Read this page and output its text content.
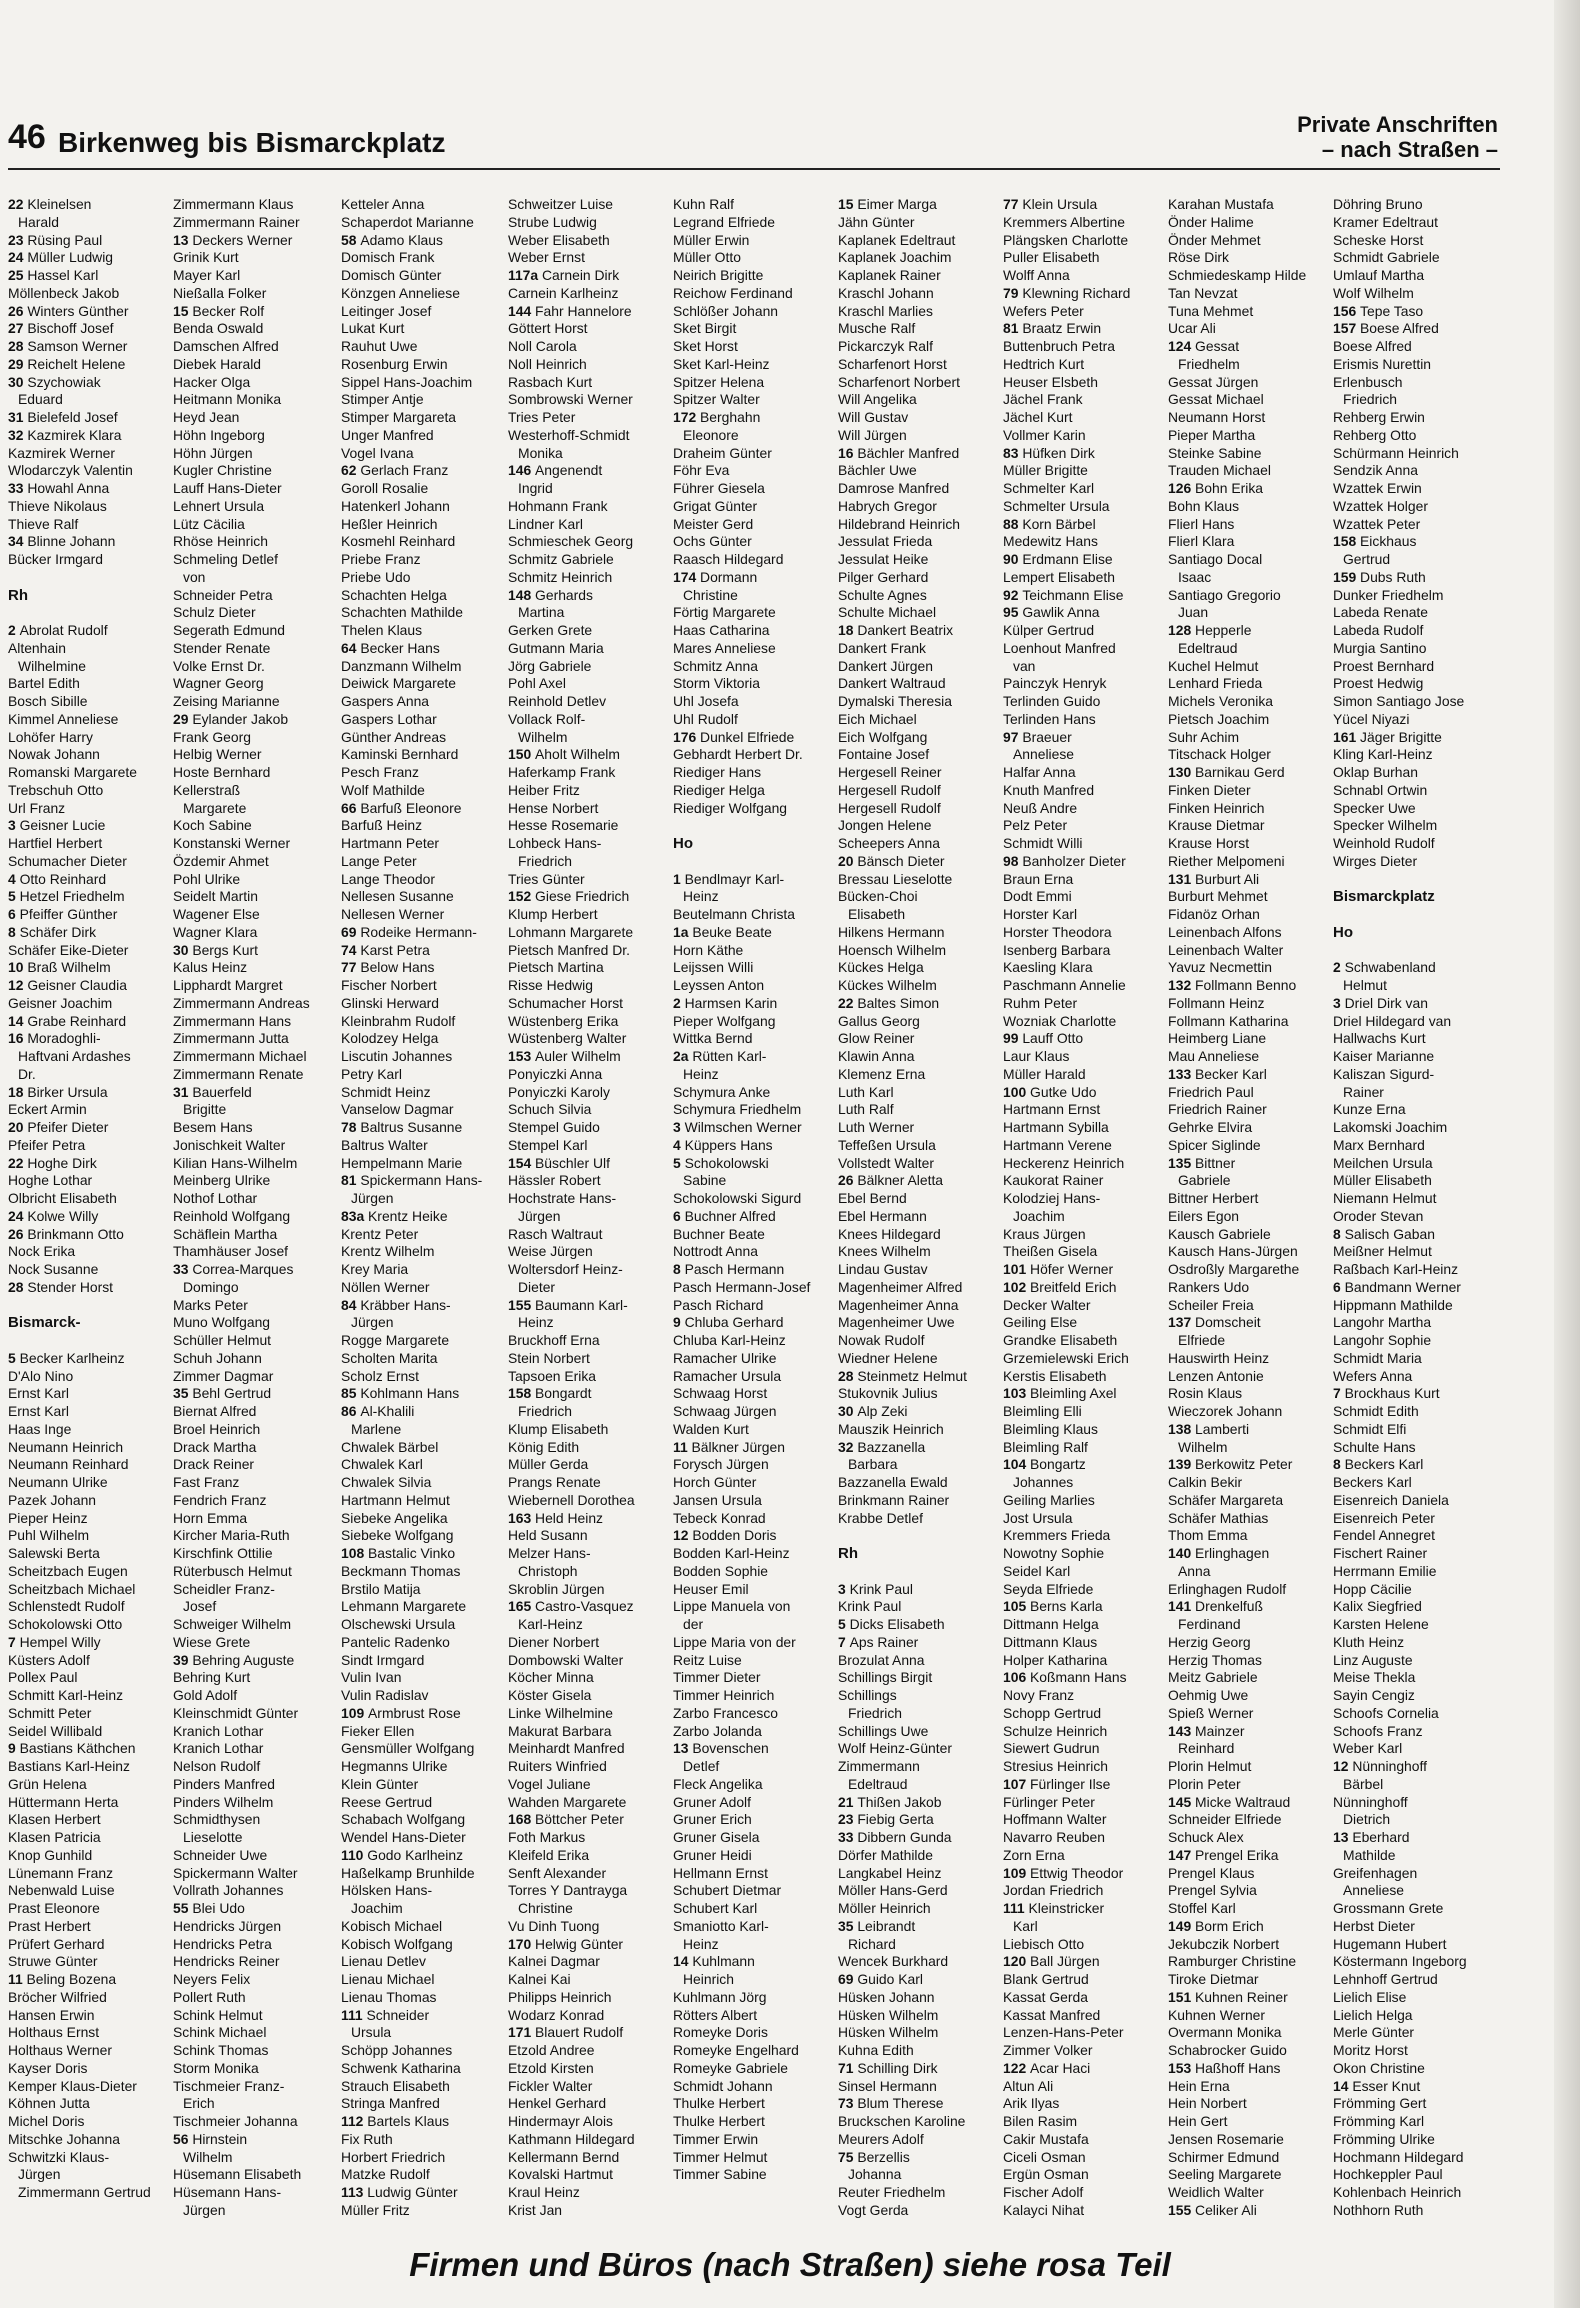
46 Birkenweg bis Bismarckplatz
Private Anschriften
– nach Straßen –
22 Kleinelsen
Harald
23 Rüsing Paul
24 Müller Ludwig
25 Hassel Karl
Möllenbeck Jakob
26 Winters Günther
27 Bischoff Josef
28 Samson Werner
29 Reichelt Helene
30 Szychowiak
Eduard
31 Bielefeld Josef
32 Kazmirek Klara
Kazmirek Werner
Wlodarczyk Valentin
33 Howahl Anna
Thieve Nikolaus
Thieve Ralf
34 Blinne Johann
Bücker Irmgard

Rh

2 Abrolat Rudolf
Altenhain
Wilhelmine
Bartel Edith
Bosch Sibille
Kimmel Anneliese
Lohöfer Harry
Nowak Johann
Romanski Margarete
Trebschuh Otto
Url Franz
3 Geisner Lucie
Hartfiel Herbert
Schumacher Dieter
4 Otto Reinhard
5 Hetzel Friedhelm
6 Pfeiffer Günther
8 Schäfer Dirk
Schäfer Eike-Dieter
10 Braß Wilhelm
12 Geisner Claudia
Geisner Joachim
14 Grabe Reinhard
16 Moradoghli-
Haftvani Ardashes
Dr.
18 Birker Ursula
Eckert Armin
20 Pfeifer Dieter
Pfeifer Petra
22 Hoghe Dirk
Hoghe Lothar
Olbricht Elisabeth
24 Kolwe Willy
26 Brinkmann Otto
Nock Erika
Nock Susanne
28 Stender Horst

Bismarck-

5 Becker Karlheinz
D'Alo Nino
Ernst Karl
Ernst Karl
Haas Inge
Neumann Heinrich
Neumann Reinhard
Neumann Ulrike
Pazek Johann
Pieper Heinz
Puhl Wilhelm
Salewski Berta
Scheitzbach Eugen
Scheitzbach Michael
Schlenstedt Rudolf
Schokolowski Otto
7 Hempel Willy
Küsters Adolf
Pollex Paul
Schmitt Karl-Heinz
Schmitt Peter
Seidel Willibald
9 Bastians Käthchen
Bastians Karl-Heinz
Grün Helena
Hüttermann Herta
Klasen Herbert
Klasen Patricia
Knop Gunhild
Lünemann Franz
Nebenwald Luise
Prast Eleonore
Prast Herbert
Prüfert Gerhard
Struwe Günter
11 Beling Bozena
Bröcher Wilfried
Hansen Erwin
Holthaus Ernst
Holthaus Werner
Kayser Doris
Kemper Klaus-Dieter
Köhnen Jutta
Michel Doris
Mitschke Johanna
Schwitzki Klaus-
Jürgen
Zimmermann Gertrud
Zimmermann Klaus
Zimmermann Rainer
13 Deckers Werner
Grinik Kurt
Mayer Karl
Nießalla Folker
15 Becker Rolf
Benda Oswald
Damschen Alfred
Diebek Harald
Hacker Olga
Heitmann Monika
Heyd Jean
Höhn Ingeborg
Höhn Jürgen
Kugler Christine
Lauff Hans-Dieter
Lehnert Ursula
Lütz Cäcilia
Rhöse Heinrich
Schmeling Detlef
von
Schneider Petra
Schulz Dieter
Segerath Edmund
Stender Renate
Volke Ernst Dr.
Wagner Georg
Zeising Marianne
29 Eylander Jakob
Frank Georg
Helbig Werner
Hoste Bernhard
Kellerstraß
Margarete
Koch Sabine
Konstanski Werner
Özdemir Ahmet
Pohl Ulrike
Seidelt Martin
Wagener Else
Wagner Klara
30 Bergs Kurt
Kalus Heinz
Lipphardt Margret
Zimmermann Andreas
Zimmermann Hans
Zimmermann Jutta
Zimmermann Michael
Zimmermann Renate
31 Bauerfeld
Brigitte
Besem Hans
Jonischkeit Walter
Kilian Hans-Wilhelm
Meinberg Ulrike
Nothof Lothar
Reinhold Wolfgang
Schäflein Martha
Thamhäuser Josef
33 Correa-Marques
Domingo
Marks Peter
Muno Wolfgang
Schüller Helmut
Schuh Johann
Zimmer Dagmar
35 Behl Gertrud
Biernat Alfred
Broel Heinrich
Drack Martha
Drack Reiner
Fast Franz
Fendrich Franz
Horn Emma
Kircher Maria-Ruth
Kirschfink Ottilie
Rüterbusch Helmut
Scheidler Franz-
Josef
Schweiger Wilhelm
Wiese Grete
39 Behring Auguste
Behring Kurt
Gold Adolf
Kleinschmidt Günter
Kranich Lothar
Kranich Lothar
Nelson Rudolf
Pinders Manfred
Pinders Wilhelm
Schmidthysen
Lieselotte
Schneider Uwe
Spickermann Walter
Vollrath Johannes
55 Blei Udo
Hendricks Jürgen
Hendricks Petra
Hendricks Reiner
Neyers Felix
Pollert Ruth
Schink Helmut
Schink Michael
Schink Thomas
Storm Monika
Tischmeier Franz-
Erich
Tischmeier Johanna
56 Hirnstein
Wilhelm
Hüsemann Elisabeth
Hüsemann Hans-
Jürgen
Ketteler Anna
Schaperdot Marianne
58 Adamo Klaus
Domisch Frank
Domisch Günter
Könzgen Anneliese
Leitinger Josef
Lukat Kurt
Rauhut Uwe
Rosenburg Erwin
Sippel Hans-Joachim
Stimper Antje
Stimper Margareta
Unger Manfred
Vogel Ivana
62 Gerlach Franz
Goroll Rosalie
Hatenkerl Johann
Heßler Heinrich
Kosmehl Reinhard
Priebe Franz
Priebe Udo
Schachten Helga
Schachten Mathilde
Thelen Klaus
64 Becker Hans
Danzmann Wilhelm
Deiwick Margarete
Gaspers Anna
Gaspers Lothar
Günther Andreas
Kaminski Bernhard
Pesch Franz
Wolf Mathilde
66 Barfuß Eleonore
Barfuß Heinz
Hartmann Peter
Lange Peter
Lange Theodor
Nellesen Susanne
Nellesen Werner
69 Rodeike Hermann-
74 Karst Petra
77 Below Hans
Fischer Norbert
Glinski Herward
Kleinbrahm Rudolf
Kolodzey Helga
Liscutin Johannes
Petry Karl
Schmidt Heinz
Vanselow Dagmar
78 Baltrus Susanne
Baltrus Walter
Hempelmann Marie
81 Spickermann Hans-
Jürgen
83a Krentz Heike
Krentz Peter
Krentz Wilhelm
Krey Maria
Nöllen Werner
84 Kräbber Hans-
Jürgen
Rogge Margarete
Scholten Marita
Scholz Ernst
85 Kohlmann Hans
86 Al-Khalili
Marlene
Chwalek Bärbel
Chwalek Karl
Chwalek Silvia
Hartmann Helmut
Siebeke Angelika
Siebeke Wolfgang
108 Bastalic Vinko
Beckmann Thomas
Brstilo Matija
Lehmann Margarete
Olschewski Ursula
Pantelic Radenko
Sindt Irmgard
Vulin Ivan
Vulin Radislav
109 Armbrust Rose
Fieker Ellen
Gensmüller Wolfgang
Hegmanns Ulrike
Klein Günter
Reese Gertrud
Schabach Wolfgang
Wendel Hans-Dieter
110 Godo Karlheinz
Haßelkamp Brunhilde
Hölsken Hans-
Joachim
Kobisch Michael
Kobisch Wolfgang
Lienau Detlev
Lienau Michael
Lienau Thomas
111 Schneider
Ursula
Schöpp Johannes
Schwenk Katharina
Strauch Elisabeth
Stringa Manfred
112 Bartels Klaus
Fix Ruth
Horbert Friedrich
Matzke Rudolf
113 Ludwig Günter
Müller Fritz
Schweitzer Luise
Strube Ludwig
Weber Elisabeth
Weber Ernst
117a Carnein Dirk
Carnein Karlheinz
144 Fahr Hannelore
Göttert Horst
Noll Carola
Noll Heinrich
Rasbach Kurt
Sombrowski Werner
Tries Peter
Westerhoff-Schmidt
Monika
146 Angenendt
Ingrid
Hohmann Frank
Lindner Karl
Schmieschek Georg
Schmitz Gabriele
Schmitz Heinrich
148 Gerhards
Martina
Gerken Grete
Gutmann Maria
Jörg Gabriele
Pohl Axel
Reinhold Detlev
Vollack Rolf-
Wilhelm
150 Aholt Wilhelm
Haferkamp Frank
Heiber Fritz
Hense Norbert
Hesse Rosemarie
Lohbeck Hans-
Friedrich
Tries Günter
152 Giese Friedrich
Klump Herbert
Lohmann Margarete
Pietsch Manfred Dr.
Pietsch Martina
Risse Hedwig
Schumacher Horst
Wüstenberg Erika
Wüstenberg Walter
153 Auler Wilhelm
Ponyiczki Anna
Ponyiczki Karoly
Schuch Silvia
Stempel Guido
Stempel Karl
154 Büschler Ulf
Hässler Robert
Hochstrate Hans-
Jürgen
Rasch Waltraut
Weise Jürgen
Woltersdorf Heinz-
Dieter
155 Baumann Karl-
Heinz
Bruckhoff Erna
Stein Norbert
Tapsoen Erika
158 Bongardt
Friedrich
Klump Elisabeth
König Edith
Müller Gerda
Prangs Renate
Wiebernell Dorothea
163 Held Heinz
Held Susann
Melzer Hans-
Christoph
Skroblin Jürgen
165 Castro-Vasquez
Karl-Heinz
Diener Norbert
Dombowski Walter
Köcher Minna
Köster Gisela
Linke Wilhelmine
Makurat Barbara
Meinhardt Manfred
Ruiters Winfried
Vogel Juliane
Wahden Margarete
168 Böttcher Peter
Foth Markus
Kleifeld Erika
Senft Alexander
Torres Y Dantrayga
Christine
Vu Dinh Tuong
170 Helwig Günter
Kalnei Dagmar
Kalnei Kai
Philipps Heinrich
Wodarz Konrad
171 Blauert Rudolf
Etzold Andree
Etzold Kirsten
Fickler Walter
Henkel Gerhard
Hindermayr Alois
Kathmann Hildegard
Kellermann Bernd
Kovalski Hartmut
Kraul Heinz
Krist Jan
Kuhn Ralf
Legrand Elfriede
Müller Erwin
Müller Otto
Neirich Brigitte
Reichow Ferdinand
Schlößer Johann
Sket Birgit
Sket Horst
Sket Karl-Heinz
Spitzer Helena
Spitzer Walter
172 Berghahn
Eleonore
Draheim Günter
Föhr Eva
Führer Giesela
Grigat Günter
Meister Gerd
Ochs Günter
Raasch Hildegard
174 Dormann
Christine
Förtig Margarete
Haas Catharina
Mares Anneliese
Schmitz Anna
Storm Viktoria
Uhl Josefa
Uhl Rudolf
176 Dunkel Elfriede
Gebhardt Herbert Dr.
Riediger Hans
Riediger Helga
Riediger Wolfgang

Ho

1 Bendlmayr Karl-
Heinz
Beutelmann Christa
1a Beuke Beate
Horn Käthe
Leijssen Willi
Leyssen Anton
2 Harmsen Karin
Pieper Wolfgang
Wittka Bernd
2a Rütten Karl-
Heinz
Schymura Anke
Schymura Friedhelm
3 Wilmschen Werner
4 Küppers Hans
5 Schokolowski
Sabine
Schokolowski Sigurd
6 Buchner Alfred
Buchner Beate
Nottrodt Anna
8 Pasch Hermann
Pasch Hermann-Josef
Pasch Richard
9 Chluba Gerhard
Chluba Karl-Heinz
Ramacher Ulrike
Ramacher Ursula
Schwaag Horst
Schwaag Jürgen
Walden Kurt
11 Bälkner Jürgen
Forysch Jürgen
Horch Günter
Jansen Ursula
Tebeck Konrad
12 Bodden Doris
Bodden Karl-Heinz
Bodden Sophie
Heuser Emil
Lippe Manuela von
der
Lippe Maria von der
Reitz Luise
Timmer Dieter
Timmer Heinrich
Zarbo Francesco
Zarbo Jolanda
13 Bovenschen
Detlef
Fleck Angelika
Gruner Adolf
Gruner Erich
Gruner Gisela
Gruner Heidi
Hellmann Ernst
Schubert Dietmar
Schubert Karl
Smaniotto Karl-
Heinz
14 Kuhlmann
Heinrich
Kuhlmann Jörg
Rötters Albert
Romeyke Doris
Romeyke Engelhard
Romeyke Gabriele
Schmidt Johann
Thulke Herbert
Thulke Herbert
Timmer Erwin
Timmer Helmut
Timmer Sabine
15 Eimer Marga
Jähn Günter
Kaplanek Edeltraut
Kaplanek Joachim
Kaplanek Rainer
Kraschl Johann
Kraschl Marlies
Musche Ralf
Pickarczyk Ralf
Scharfenort Horst
Scharfenort Norbert
Will Angelika
Will Gustav
Will Jürgen
16 Bächler Manfred
Bächler Uwe
Damrose Manfred
Habrych Gregor
Hildebrand Heinrich
Jessulat Frieda
Jessulat Heike
Pilger Gerhard
Schulte Agnes
Schulte Michael
18 Dankert Beatrix
Dankert Frank
Dankert Jürgen
Dankert Waltraud
Dymalski Theresia
Eich Michael
Eich Wolfgang
Fontaine Josef
Hergesell Reiner
Hergesell Rudolf
Hergesell Rudolf
Jongen Helene
Scheepers Anna
20 Bänsch Dieter
Bressau Lieselotte
Bücken-Choi
Elisabeth
Hilkens Hermann
Hoensch Wilhelm
Kückes Helga
Kückes Wilhelm
22 Baltes Simon
Gallus Georg
Glow Reiner
Klawin Anna
Klemenz Erna
Luth Karl
Luth Ralf
Luth Werner
Teffeßen Ursula
Vollstedt Walter
26 Bälkner Aletta
Ebel Bernd
Ebel Hermann
Knees Hildegard
Knees Wilhelm
Lindau Gustav
Magenheimer Alfred
Magenheimer Anna
Magenheimer Uwe
Nowak Rudolf
Wiedner Helene
28 Steinmetz Helmut
Stukovnik Julius
30 Alp Zeki
Mauszik Heinrich
32 Bazzanella
Barbara
Bazzanella Ewald
Brinkmann Rainer
Krabbe Detlef

Rh

3 Krink Paul
Krink Paul
5 Dicks Elisabeth
7 Aps Rainer
Brozulat Anna
Schillings Birgit
Schillings
Friedrich
Schillings Uwe
Wolf Heinz-Günter
Zimmermann
Edeltraud
21 Thißen Jakob
23 Fiebig Gerta
33 Dibbern Gunda
Dörfer Mathilde
Langkabel Heinz
Möller Hans-Gerd
Möller Heinrich
35 Leibrandt
Richard
Wencek Burkhard
69 Guido Karl
Hüsken Johann
Hüsken Wilhelm
Hüsken Wilhelm
Kuhna Edith
71 Schilling Dirk
Sinsel Hermann
73 Blum Therese
Bruckschen Karoline
Meurers Adolf
75 Berzellis
Johanna
Reuter Friedhelm
Vogt Gerda
77 Klein Ursula
Kremmers Albertine
Plängsken Charlotte
Puller Elisabeth
Wolff Anna
79 Klewning Richard
Wefers Peter
81 Braatz Erwin
Buttenbruch Petra
Hedtrich Kurt
Heuser Elsbeth
Jächel Frank
Jächel Kurt
Vollmer Karin
83 Hüfken Dirk
Müller Brigitte
Schmelter Karl
Schmelter Ursula
88 Korn Bärbel
Medewitz Hans
90 Erdmann Elise
Lempert Elisabeth
92 Teichmann Elise
95 Gawlik Anna
Külper Gertrud
Loenhout Manfred
van
Painczyk Henryk
Terlinden Guido
Terlinden Hans
97 Braeuer
Anneliese
Halfar Anna
Knuth Manfred
Neuß Andre
Pelz Peter
Schmidt Willi
98 Banholzer Dieter
Braun Erna
Dodt Emmi
Horster Karl
Horster Theodora
Isenberg Barbara
Kaesling Klara
Paschmann Annelie
Ruhm Peter
Wozniak Charlotte
99 Lauff Otto
Laur Klaus
Müller Harald
100 Gutke Udo
Hartmann Ernst
Hartmann Sybilla
Hartmann Verene
Heckerenz Heinrich
Kaukorat Rainer
Kolodziej Hans-
Joachim
Kraus Jürgen
Theißen Gisela
101 Höfer Werner
102 Breitfeld Erich
Decker Walter
Geiling Else
Grandke Elisabeth
Grzemielewski Erich
Kerstis Elisabeth
103 Bleimling Axel
Bleimling Elli
Bleimling Klaus
Bleimling Ralf
104 Bongartz
Johannes
Geiling Marlies
Jost Ursula
Kremmers Frieda
Nowotny Sophie
Seidel Karl
Seyda Elfriede
105 Berns Karla
Dittmann Helga
Dittmann Klaus
Holper Katharina
106 Koßmann Hans
Novy Franz
Schopp Gertrud
Schulze Heinrich
Siewert Gudrun
Stresius Heinrich
107 Fürlinger Ilse
Fürlinger Peter
Hoffmann Walter
Navarro Reuben
Zorn Erna
109 Ettwig Theodor
Jordan Friedrich
111 Kleinstricker
Karl
Liebisch Otto
120 Ball Jürgen
Blank Gertrud
Kassat Gerda
Kassat Manfred
Lenzen-Hans-Peter
Zimmer Volker
122 Acar Haci
Altun Ali
Arik Ilyas
Bilen Rasim
Cakir Mustafa
Ciceli Osman
Ergün Osman
Fischer Adolf
Kalayci Nihat
Karahan Mustafa
Önder Halime
Önder Mehmet
Röse Dirk
Schmiedeskamp Hilde
Tan Nevzat
Tuna Mehmet
Ucar Ali
124 Gessat
Friedhelm
Gessat Jürgen
Gessat Michael
Neumann Horst
Pieper Martha
Steinke Sabine
Trauden Michael
126 Bohn Erika
Bohn Klaus
Flierl Hans
Flierl Klara
Santiago Docal
Isaac
Santiago Gregorio
Juan
128 Hepperle
Edeltraud
Kuchel Helmut
Lenhard Frieda
Michels Veronika
Pietsch Joachim
Suhr Achim
Titschack Holger
130 Barnikau Gerd
Finken Dieter
Finken Heinrich
Krause Dietmar
Krause Horst
Riether Melpomeni
131 Burburt Ali
Burburt Mehmet
Fidanöz Orhan
Leinenbach Alfons
Leinenbach Walter
Yavuz Necmettin
132 Follmann Benno
Follmann Heinz
Follmann Katharina
Heimberg Liane
Mau Anneliese
133 Becker Karl
Friedrich Paul
Friedrich Rainer
Gehrke Elvira
Spicer Siglinde
135 Bittner
Gabriele
Bittner Herbert
Eilers Egon
Kausch Gabriele
Kausch Hans-Jürgen
Osdroßly Margarethe
Rankers Udo
Scheiler Freia
137 Domscheit
Elfriede
Hauswirth Heinz
Lenzen Antonie
Rosin Klaus
Wieczorek Johann
138 Lamberti
Wilhelm
139 Berkowitz Peter
Calkin Bekir
Schäfer Margareta
Schäfer Mathias
Thom Emma
140 Erlinghagen
Anna
Erlinghagen Rudolf
141 Drenkelfuß
Ferdinand
Herzig Georg
Herzig Thomas
Meitz Gabriele
Oehmig Uwe
Spieß Werner
143 Mainzer
Reinhard
Plorin Helmut
Plorin Peter
145 Micke Waltraud
Schneider Elfriede
Schuck Alex
147 Prengel Erika
Prengel Klaus
Prengel Sylvia
Stoffel Karl
149 Borm Erich
Jekubczik Norbert
Ramburger Christine
Tiroke Dietmar
151 Kuhnen Reiner
Kuhnen Werner
Overmann Monika
Schabrocker Guido
153 Haßhoff Hans
Hein Erna
Hein Norbert
Hein Gert
Jensen Rosemarie
Schirmer Edmund
Seeling Margarete
Weidlich Walter
155 Celiker Ali
Döhring Bruno
Kramer Edeltraut
Scheske Horst
Schmidt Gabriele
Umlauf Martha
Wolf Wilhelm
156 Tepe Taso
157 Boese Alfred
Boese Alfred
Erismis Nurettin
Erlenbusch
Friedrich
Rehberg Erwin
Rehberg Otto
Schürmann Heinrich
Sendzik Anna
Wzattek Erwin
Wzattek Holger
Wzattek Peter
158 Eickhaus
Gertrud
159 Dubs Ruth
Dunker Friedhelm
Labeda Renate
Labeda Rudolf
Murgia Santino
Proest Bernhard
Proest Hedwig
Simon Santiago Jose
Yücel Niyazi
161 Jäger Brigitte
Kling Karl-Heinz
Oklap Burhan
Schnabl Ortwin
Specker Uwe
Specker Wilhelm
Weinhold Rudolf
Wirges Dieter

Bismarckplatz

Ho

2 Schwabenland
Helmut
3 Driel Dirk van
Driel Hildegard van
Hallwachs Kurt
Kaiser Marianne
Kaliszan Sigurd-
Rainer
Kunze Erna
Lakomski Joachim
Marx Bernhard
Meilchen Ursula
Müller Elisabeth
Niemann Helmut
Oroder Stevan
8 Salisch Gaban
Meißner Helmut
Raßbach Karl-Heinz
6 Bandmann Werner
Hippmann Mathilde
Langohr Martha
Langohr Sophie
Schmidt Maria
Wefers Anna
7 Brockhaus Kurt
Schmidt Edith
Schmidt Elfi
Schulte Hans
8 Beckers Karl
Beckers Karl
Eisenreich Daniela
Eisenreich Peter
Fendel Annegret
Fischert Rainer
Herrmann Emilie
Hopp Cäcilie
Kalix Siegfried
Karsten Helene
Kluth Heinz
Linz Auguste
Meise Thekla
Sayin Cengiz
Schoofs Cornelia
Schoofs Franz
Weber Karl
12 Nünninghoff
Bärbel
Nünninghoff
Dietrich
13 Eberhard
Mathilde
Greifenhagen
Anneliese
Grossmann Grete
Herbst Dieter
Hugemann Hubert
Köstermann Ingeborg
Lehnhoff Gertrud
Lielich Elise
Lielich Helga
Merle Günter
Moritz Horst
Okon Christine
14 Esser Knut
Frömming Gert
Frömming Karl
Frömming Ulrike
Hochmann Hildegard
Hochkeppler Paul
Kohlenbach Heinrich
Nothhorn Ruth
Firmen und Büros (nach Straßen) siehe rosa Teil
